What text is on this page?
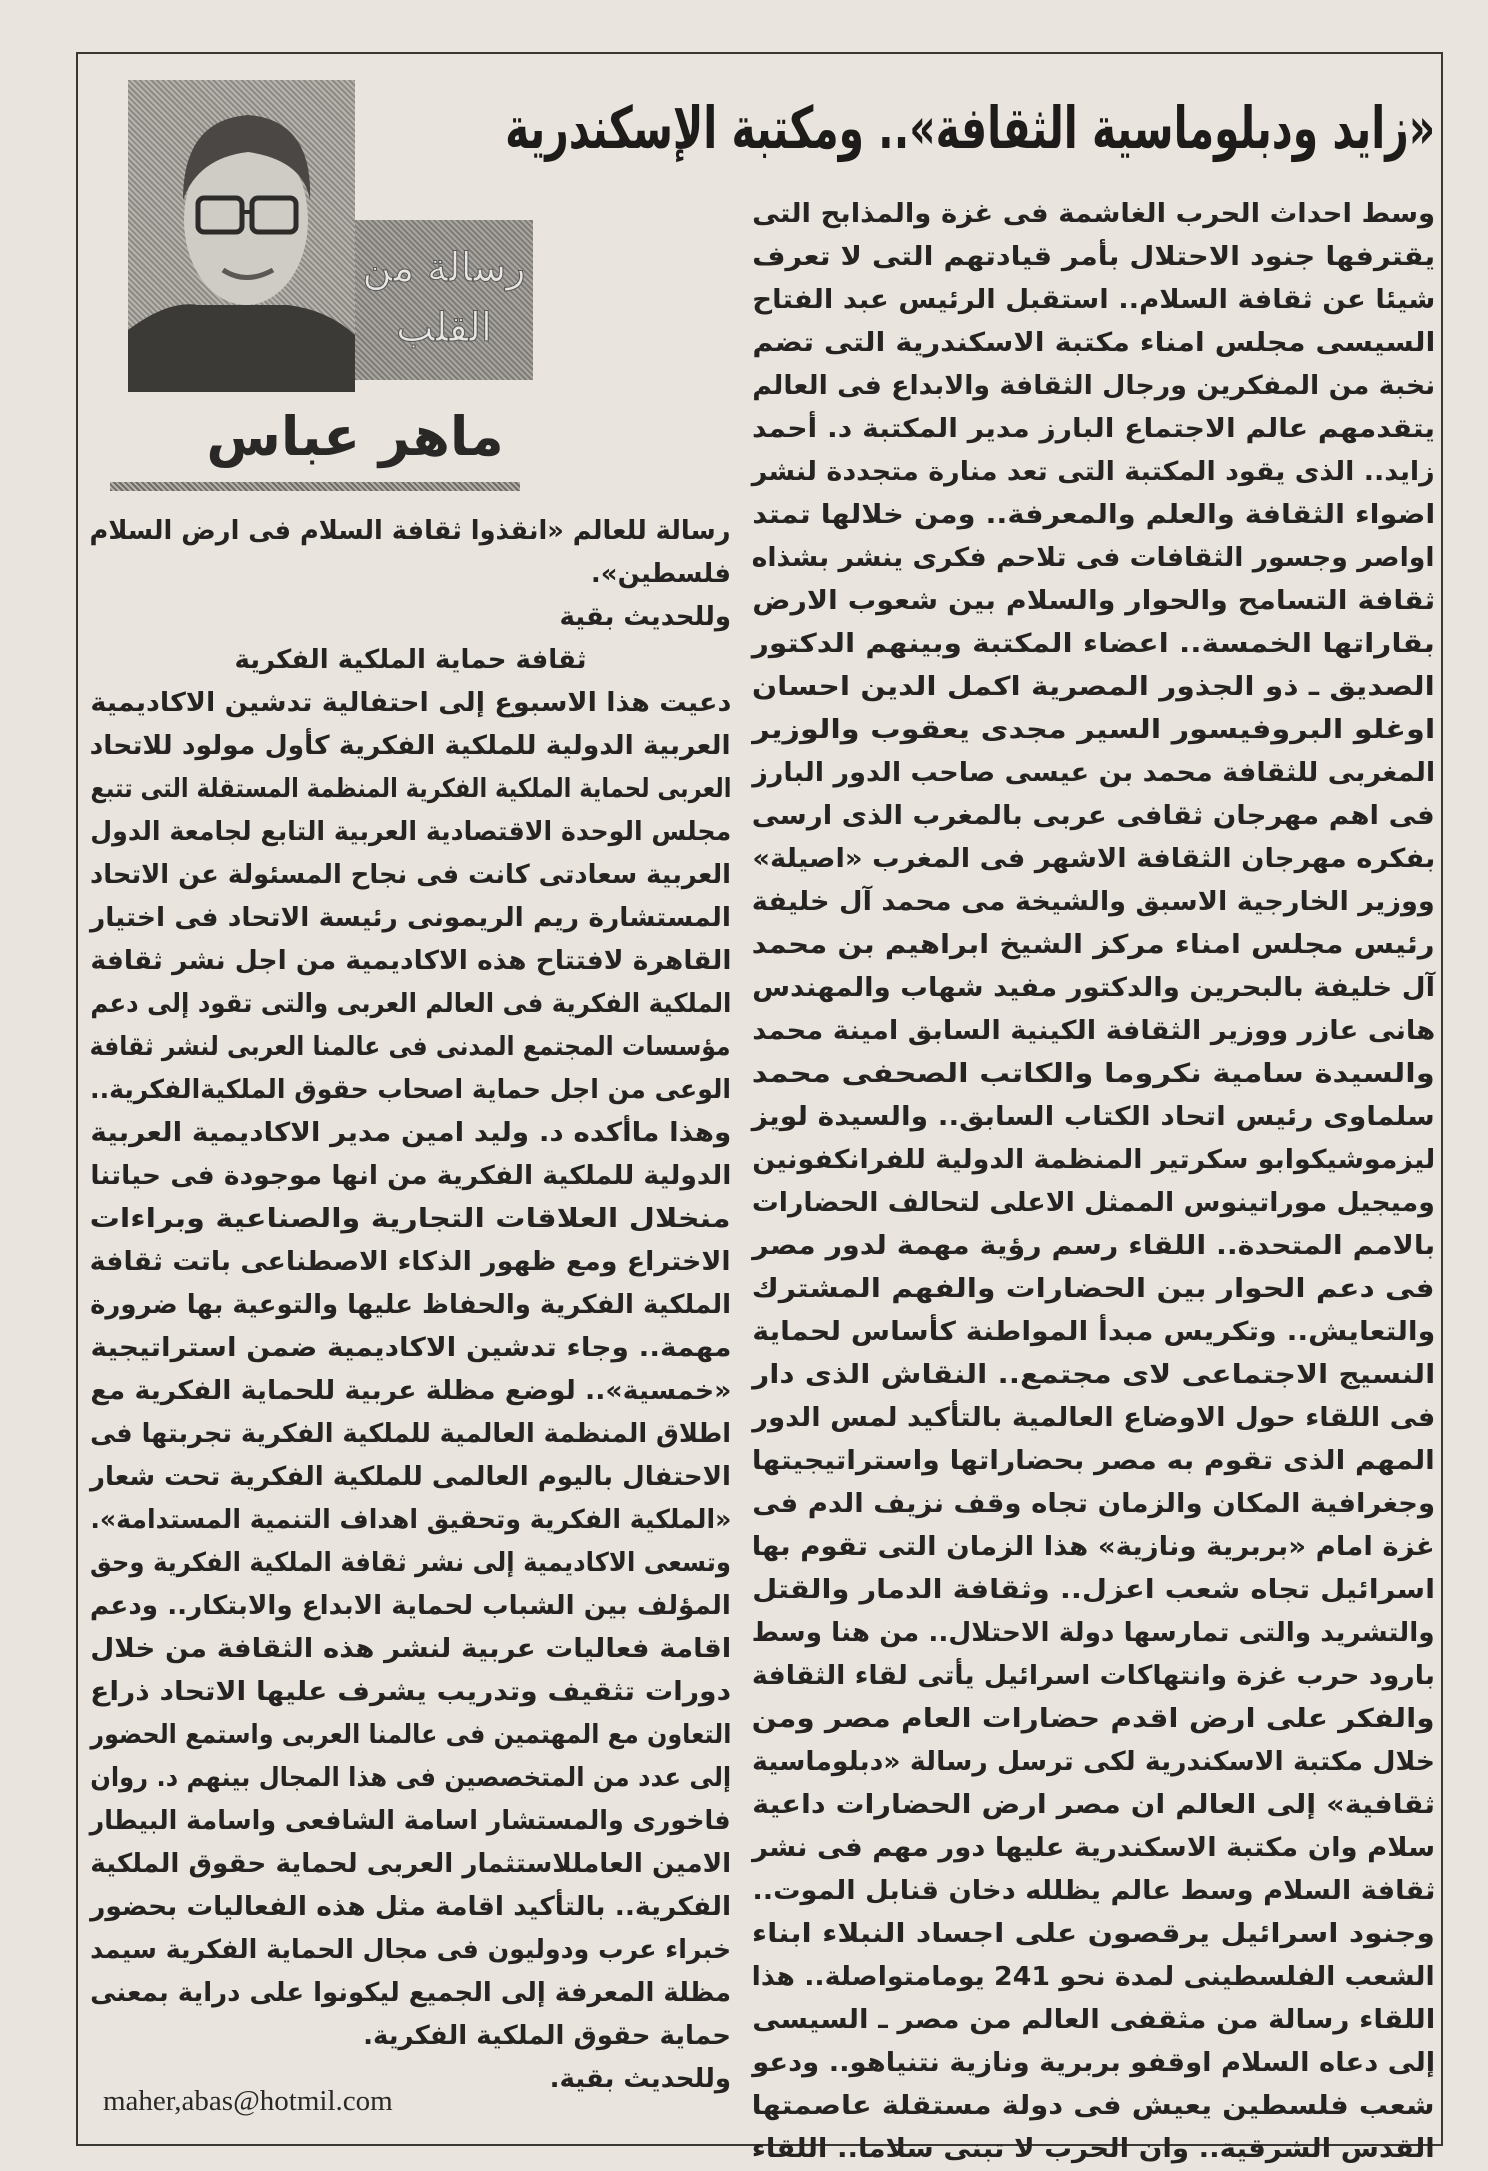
«زايد ودبلوماسية الثقافة».. ومكتبة الإسكندرية
رسالة من
القلب
ماهر عباس
وسط احداث الحرب الغاشمة فى غزة والمذابح التى
يقترفها جنود الاحتلال بأمر قيادتهم التى لا تعرف
شيئا عن ثقافة السلام.. استقبل الرئيس عبد الفتاح
السيسى مجلس امناء مكتبة الاسكندرية التى تضم
نخبة من المفكرين ورجال الثقافة والابداع فى العالم
يتقدمهم عالم الاجتماع البارز مدير المكتبة د. أحمد
زايد.. الذى يقود المكتبة التى تعد منارة متجددة لنشر
اضواء الثقافة والعلم والمعرفة.. ومن خلالها تمتد
اواصر وجسور الثقافات فى تلاحم فكرى ينشر بشذاه
ثقافة التسامح والحوار والسلام بين شعوب الارض
بقاراتها الخمسة.. اعضاء المكتبة وبينهم الدكتور
الصديق ـ ذو الجذور المصرية اكمل الدين احسان
اوغلو البروفيسور السير مجدى يعقوب والوزير
المغربى للثقافة محمد بن عيسى صاحب الدور البارز
فى اهم مهرجان ثقافى عربى بالمغرب الذى ارسى
بفكره مهرجان الثقافة الاشهر فى المغرب «اصيلة»
ووزير الخارجية الاسبق والشيخة مى محمد آل خليفة
رئيس مجلس امناء مركز الشيخ ابراهيم بن محمد
آل خليفة بالبحرين والدكتور مفيد شهاب والمهندس
هانى عازر ووزير الثقافة الكينية السابق امينة محمد
والسيدة سامية نكروما والكاتب الصحفى محمد
سلماوى رئيس اتحاد الكتاب السابق.. والسيدة لويز
ليزموشيكوابو سكرتير المنظمة الدولية للفرانكفونين
وميجيل موراتينوس الممثل الاعلى لتحالف الحضارات
بالامم المتحدة.. اللقاء رسم رؤية مهمة لدور مصر
فى دعم الحوار بين الحضارات والفهم المشترك
والتعايش.. وتكريس مبدأ المواطنة كأساس لحماية
النسيج الاجتماعى لاى مجتمع.. النقاش الذى دار
فى اللقاء حول الاوضاع العالمية بالتأكيد لمس الدور
المهم الذى تقوم به مصر بحضاراتها واستراتيجيتها
وجغرافية المكان والزمان تجاه وقف نزيف الدم فى
غزة امام «بربرية ونازية» هذا الزمان التى تقوم بها
اسرائيل تجاه شعب اعزل.. وثقافة الدمار والقتل
والتشريد والتى تمارسها دولة الاحتلال.. من هنا وسط
بارود حرب غزة وانتهاكات اسرائيل يأتى لقاء الثقافة
والفكر على ارض اقدم حضارات العام مصر ومن
خلال مكتبة الاسكندرية لكى ترسل رسالة «دبلوماسية
ثقافية» إلى العالم ان مصر ارض الحضارات داعية
سلام وان مكتبة الاسكندرية عليها دور مهم فى نشر
ثقافة السلام وسط عالم يظلله دخان قنابل الموت..
وجنود اسرائيل يرقصون على اجساد النبلاء ابناء
الشعب الفلسطينى لمدة نحو 241 يومامتواصلة.. هذا
اللقاء رسالة من مثقفى العالم من مصر ـ السيسى
إلى دعاه السلام اوقفو بربرية ونازية نتنياهو.. ودعو
شعب فلسطين يعيش فى دولة مستقلة عاصمتها
القدس الشرقية.. وان الحرب لا تبنى سلاما.. اللقاء
رسالة للعالم «انقذوا ثقافة السلام فى ارض السلام
فلسطين».
وللحديث بقية
ثقافة حماية الملكية الفكرية
دعيت هذا الاسبوع إلى احتفالية تدشين الاكاديمية
العربية الدولية للملكية الفكرية كأول مولود للاتحاد
العربى لحماية الملكية الفكرية المنظمة المستقلة التى تتبع
مجلس الوحدة الاقتصادية العربية التابع لجامعة الدول
العربية سعادتى كانت فى نجاح المسئولة عن الاتحاد
المستشارة ريم الريمونى رئيسة الاتحاد فى اختيار
القاهرة لافتتاح هذه الاكاديمية من اجل نشر ثقافة
الملكية الفكرية فى العالم العربى والتى تقود إلى دعم
مؤسسات المجتمع المدنى فى عالمنا العربى لنشر ثقافة
الوعى من اجل حماية اصحاب حقوق الملكيةالفكرية..
وهذا ماأكده د. وليد امين مدير الاكاديمية العربية
الدولية للملكية الفكرية من انها موجودة فى حياتنا
منخلال العلاقات التجارية والصناعية وبراءات
الاختراع ومع ظهور الذكاء الاصطناعى باتت ثقافة
الملكية الفكرية والحفاظ عليها والتوعية بها ضرورة
مهمة.. وجاء تدشين الاكاديمية ضمن استراتيجية
«خمسية».. لوضع مظلة عربية للحماية الفكرية مع
اطلاق المنظمة العالمية للملكية الفكرية تجربتها فى
الاحتفال باليوم العالمى للملكية الفكرية تحت شعار
«الملكية الفكرية وتحقيق اهداف التنمية المستدامة».
وتسعى الاكاديمية إلى نشر ثقافة الملكية الفكرية وحق
المؤلف بين الشباب لحماية الابداع والابتكار.. ودعم
اقامة فعاليات عربية لنشر هذه الثقافة من خلال
دورات تثقيف وتدريب يشرف عليها الاتحاد ذراع
التعاون مع المهتمين فى عالمنا العربى واستمع الحضور
إلى عدد من المتخصصين فى هذا المجال بينهم د. روان
فاخورى والمستشار اسامة الشافعى واسامة البيطار
الامين العامللاستثمار العربى لحماية حقوق الملكية
الفكرية.. بالتأكيد اقامة مثل هذه الفعاليات بحضور
خبراء عرب ودوليون فى مجال الحماية الفكرية سيمد
مظلة المعرفة إلى الجميع ليكونوا على دراية بمعنى
حماية حقوق الملكية الفكرية.
وللحديث بقية.
maher,abas@hotmil.com
